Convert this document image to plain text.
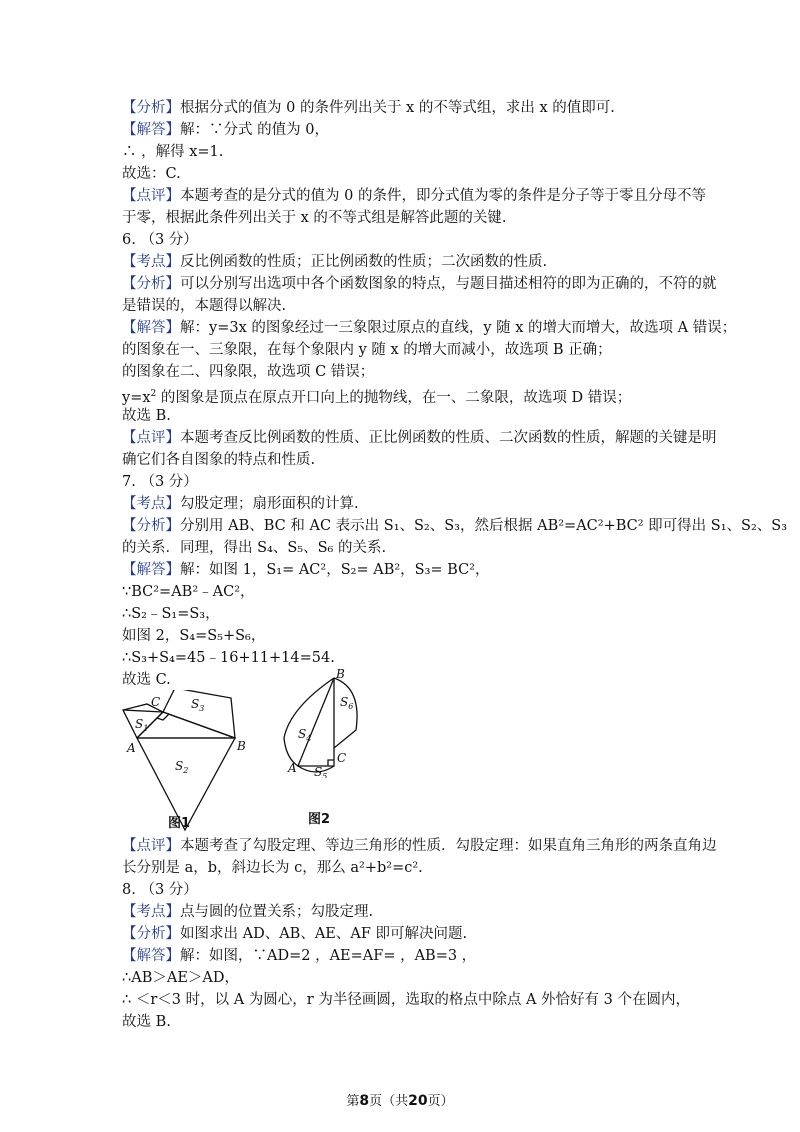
【分析】根据分式的值为 0 的条件列出关于 x 的不等式组，求出 x 的值即可.
【解答】解：∵分式 的值为 0，
∴ ，解得 x=1.
故选：C.
【点评】本题考查的是分式的值为 0 的条件，即分式值为零的条件是分子等于零且分母不等
于零，根据此条件列出关于 x 的不等式组是解答此题的关键.
6. （3 分）
【考点】反比例函数的性质；正比例函数的性质；二次函数的性质.
【分析】可以分别写出选项中各个函数图象的特点，与题目描述相符的即为正确的，不符的就
是错误的，本题得以解决.
【解答】解：y=3x 的图象经过一三象限过原点的直线，y 随 x 的增大而增大，故选项 A 错误；
的图象在一、三象限，在每个象限内 y 随 x 的增大而减小，故选项 B 正确；
的图象在二、四象限，故选项 C 错误；
$y=x^2$ 的图象是顶点在原点开口向上的抛物线，在一、二象限，故选项 D 错误；
故选 B.
【点评】本题考查反比例函数的性质、正比例函数的性质、二次函数的性质，解题的关键是明
确它们各自图象的特点和性质.
7. （3 分）
【考点】勾股定理；扇形面积的计算.
【分析】分别用 AB、BC 和 AC 表示出 S₁、S₂、S₃，然后根据 AB²=AC²+BC² 即可得出 S₁、S₂、S₃
的关系．同理，得出 S₄、S₅、S₆ 的关系.
【解答】解：如图 1，S₁= AC²，S₂= AB²，S₃= BC²，
∵BC²=AB²﹣AC²，
∴S₂﹣S₁=S₃，
如图 2，S₄=S₅+S₆，
∴S₃+S₄=45﹣16+11+14=54.
故选 C.
C
A	B
$S_1$
$S_2$
$S_3$
图1
B
A
C
$S_4$
$S_5$
$S_6$
图2
【点评】本题考查了勾股定理、等边三角形的性质．勾股定理：如果直角三角形的两条直角边
长分别是 a，b，斜边长为 c，那么 a²+b²=c².
8. （3 分）
【考点】点与圆的位置关系；勾股定理.
【分析】如图求出 AD、AB、AE、AF 即可解决问题.
【解答】解：如图，∵AD=2 ，AE=AF= ，AB=3 ，
∴AB＞AE＞AD，
∴ ＜r＜3 时，以 A 为圆心，r 为半径画圆，选取的格点中除点 A 外恰好有 3 个在圆内，
故选 B.
第8页（共20页）
